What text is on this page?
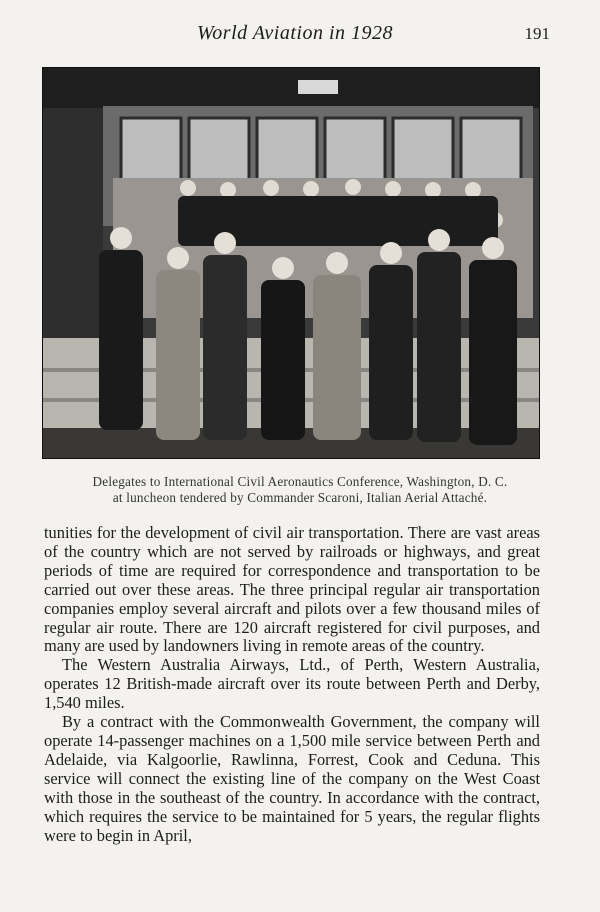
World Aviation in 1928	191
Delegates to International Civil Aeronautics Conference, Washington, D. C.
at luncheon tendered by Commander Scaroni, Italian Aerial Attaché.

tunities for the development of civil air transportation. There are vast areas of the country which are not served by railroads or highways, and great periods of time are required for correspondence and transportation to be carried out over these areas. The three principal regular air transportation companies employ several aircraft and pilots over a few thousand miles of regular air route. There are 120 aircraft registered for civil purposes, and many are used by landowners living in remote areas of the country.

The Western Australia Airways, Ltd., of Perth, Western Australia, operates 12 British-made aircraft over its route between Perth and Derby, 1,540 miles.

By a contract with the Commonwealth Government, the company will operate 14-passenger machines on a 1,500 mile service between Perth and Adelaide, via Kalgoorlie, Rawlinna, Forrest, Cook and Ceduna. This service will connect the existing line of the company on the West Coast with those in the southeast of the country. In accordance with the contract, which requires the service to be maintained for 5 years, the regular flights were to begin in April,
